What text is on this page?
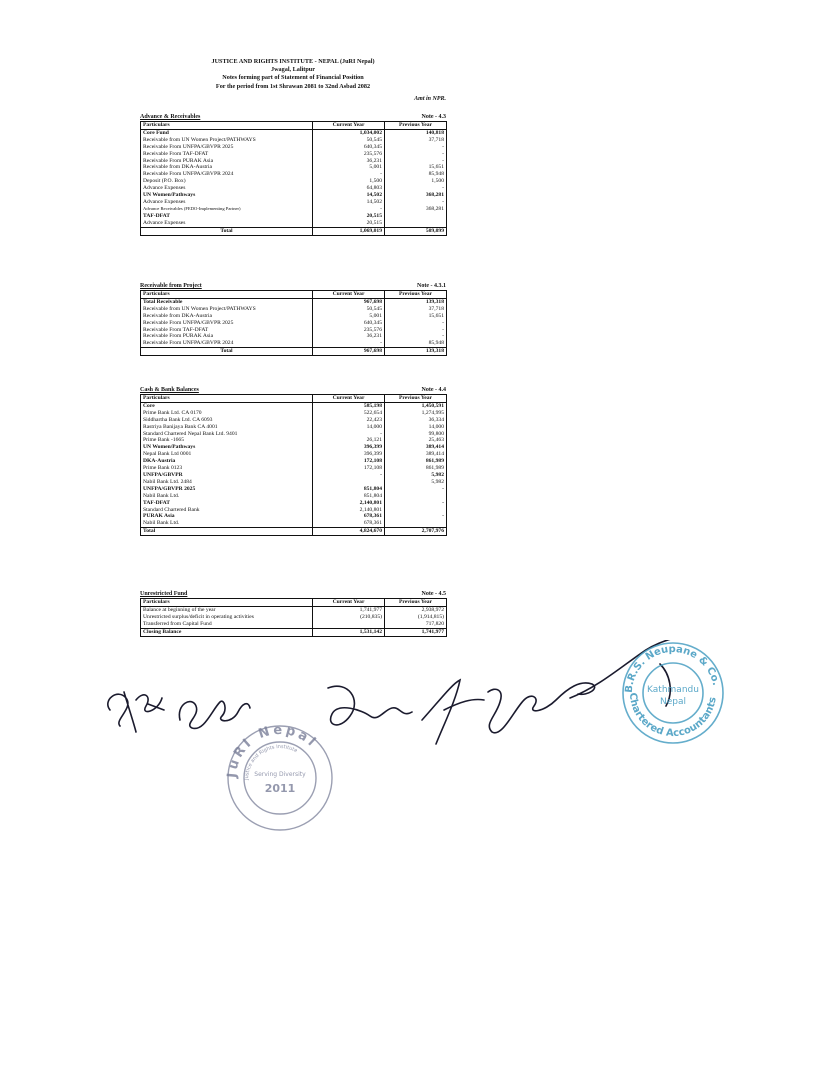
JUSTICE AND RIGHTS INSTITUTE - NEPAL (JuRI Nepal)
Jwagal, Lalitpur
Notes forming part of Statement of Financial Position
For the period from 1st Shrawan 2081 to 32nd Asbad 2082
Amt in NPR.
Advance & Receivables	Note - 4.3
Particulars	Current Year	Previous Year
Core Fund	1,034,002	140,818
Receivable from UN Women Project/PATHWAYS	50,545	37,718
Receivable From UNFPA/GBVPR 2025	640,345	-
Receivable From TAF-DFAT	235,576	-
Receivable From PURAK Asia	36,231	-
Receivable from DKA-Austria	5,001	15,651
Receivable From UNFPA/GBVPR 2024	-	85,948
Deposit (P.O. Box)	1,500	1,500
Advance Expenses	64,803	-
UN Women/Pathways	14,502	368,281
Advance Expenses	14,502	-
Advance Receivables (FEDO-Implementing Partner)	-	368,281
TAF-DFAT	20,515	
Advance Expenses	20,515	
Total	1,069,019	509,099
Receivable from Project	Note - 4.3.1
Particulars	Current Year	Previous Year
Total Receivable	967,698	139,318
Receivable from UN Women Project/PATHWAYS	50,545	37,718
Receivable from DKA-Austria	5,001	15,651
Receivable From UNFPA/GBVPR 2025	640,345	-
Receivable From TAF-DFAT	235,576	-
Receivable From PURAK Asia	36,231	-
Receivable From UNFPA/GBVPR 2024	-	85,948
Total	967,698	139,318
Cash & Bank Balances	Note - 4.4
Particulars	Current Year	Previous Year
Core	585,198	1,450,591
Prime Bank Ltd. CA 0170	522,654	1,274,995
Siddhartha Bank Ltd. CA 6093	22,423	36,334
Rastriya Banijaya Bank CA 4001	14,000	14,000
Standard Chartered Nepal Bank Ltd. 9401	-	99,800
Prime Bank -1665	26,121	25,463
UN Women/Pathways	396,399	389,414
Nepal Bank Ltd 0001	396,399	389,414
DKA-Austria	172,108	861,989
Prime Bank 0123	172,108	861,989
UNFPA/GBVPR	-	5,982
Nabil Bank Ltd. 2484		5,982
UNFPA/GBVPR 2025	851,804	-
Nabil Bank Ltd.	851,804	
TAF-DFAT	2,140,801	-
Standard Chartered Bank	2,140,801	
PURAK Asia	678,361	-
Nabil Bank Ltd.	678,361	
Total	4,824,670	2,707,976
Unrestricted Fund	Note - 4.5
Particulars	Current Year	Previous Year
Balance at beginning of the year	1,741,977	2,938,972
Unrestricted surplus/deficit in operating activities	(210,835)	(1,914,815)
Transferred from Capital Fund		717,820
Closing Balance	1,531,142	1,741,977
JuRI Nepal
Justice and Rights Institute
Serving Diversity
2011
B.R.S. Neupane & Co.
Chartered Accountants
Kathmandu
Nepal
